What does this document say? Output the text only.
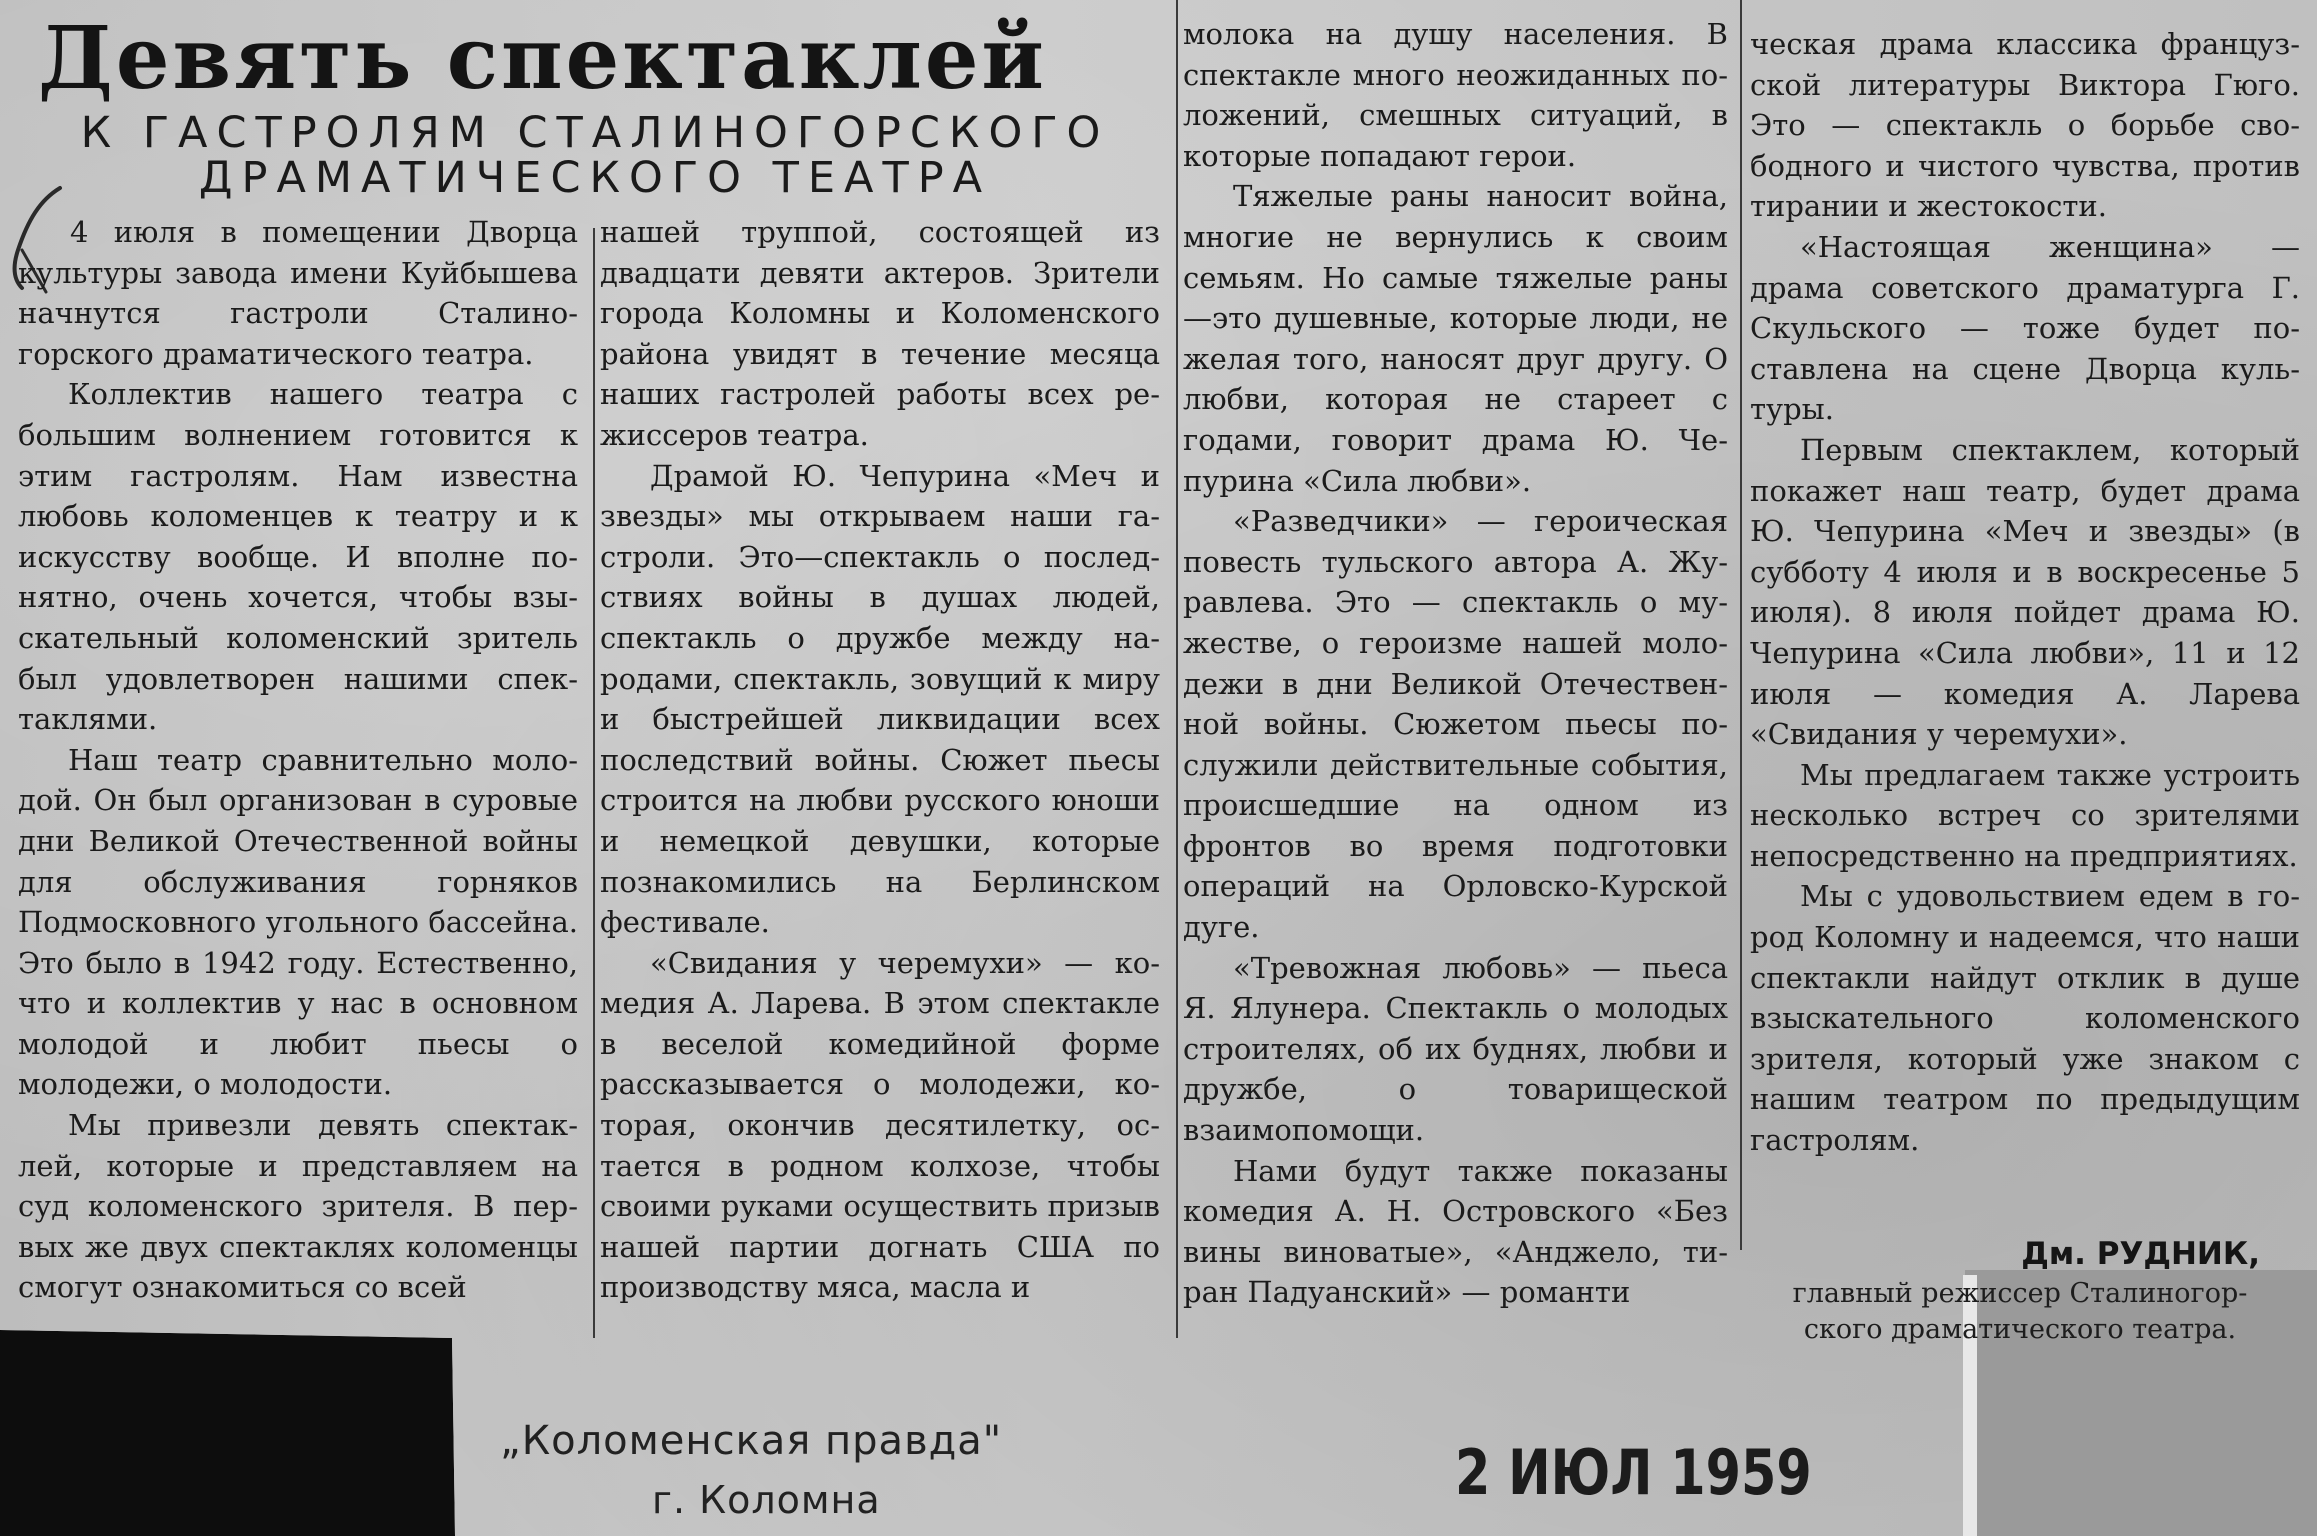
Девять спектаклей
К ГАСТРОЛЯМ СТАЛИНОГОРСКОГО
ДРАМАТИЧЕСКОГО ТЕАТРА

4 июля в помещении Дворца культуры завода имени Куйбышева начнутся гастроли Сталиногорского драматического театра.

Коллектив нашего театра с большим волнением готовится к этим гастролям. Нам известна любовь коломенцев к театру и к искусству вообще. И вполне понятно, очень хочется, чтобы взыскательный коломенский зритель был удовлетворен нашими спектаклями.

Наш театр сравнительно молодой. Он был организован в суровые дни Великой Отечественной войны для обслуживания горняков Подмосковного угольного бассейна. Это было в 1942 году. Естественно, что и коллектив у нас в основном молодой и любит пьесы о молодежи, о молодости.

Мы привезли девять спектаклей, которые и представляем на суд коломенского зрителя. В первых же двух спектаклях коломенцы смогут ознакомиться со всей

нашей труппой, состоящей из двадцати девяти актеров. Зрители города Коломны и Коломенского района увидят в течение месяца наших гастролей работы всех режиссеров театра.

Драмой Ю. Чепурина «Меч и звезды» мы открываем наши гастроли. Это—спектакль о последствиях войны в душах людей, спектакль о дружбе между народами, спектакль, зовущий к миру и быстрейшей ликвидации всех последствий войны. Сюжет пьесы строится на любви русского юноши и немецкой девушки, которые познакомились на Берлинском фестивале.

«Свидания у черемухи» — комедия А. Ларева. В этом спектакле в веселой комедийной форме рассказывается о молодежи, которая, окончив десятилетку, остается в родном колхозе, чтобы своими руками осуществить призыв нашей партии догнать США по производству мяса, масла и

молока на душу населения. В спектакле много неожиданных положений, смешных ситуаций, в которые попадают герои.

Тяжелые раны наносит война, многие не вернулись к своим семьям. Но самые тяжелые раны —это душевные, которые люди, не желая того, наносят друг другу. О любви, которая не стареет с годами, говорит драма Ю. Чепурина «Сила любви».

«Разведчики» — героическая повесть тульского автора А. Журавлева. Это — спектакль о мужестве, о героизме нашей молодежи в дни Великой Отечественной войны. Сюжетом пьесы послужили действительные события, происшедшие на одном из фронтов во время подготовки операций на Орловско-Курской дуге.

«Тревожная любовь» — пьеса Я. Ялунера. Спектакль о молодых строителях, об их буднях, любви и дружбе, о товарищеской взаимопомощи.

Нами будут также показаны комедия А. Н. Островского «Без вины виноватые», «Анджело, тиран Падуанский» — романти

ческая драма классика французской литературы Виктора Гюго. Это — спектакль о борьбе свободного и чистого чувства, против тирании и жестокости.

«Настоящая женщина» — драма советского драматурга Г. Скульского — тоже будет поставлена на сцене Дворца культуры.

Первым спектаклем, который покажет наш театр, будет драма Ю. Чепурина «Меч и звезды» (в субботу 4 июля и в воскресенье 5 июля). 8 июля пойдет драма Ю. Чепурина «Сила любви», 11 и 12 июля — комедия А. Ларева «Свидания у черемухи».

Мы предлагаем также устроить несколько встреч со зрителями непосредственно на предприятиях.

Мы с удовольствием едем в город Коломну и надеемся, что наши спектакли найдут отклик в душе взыскательного коломенского зрителя, который уже знаком с нашим театром по предыдущим гастролям.

Дм. РУДНИК,
главный режиссер Сталиногорского драматического театра.
„Коломенская правда"
г. Коломна	2 ИЮЛ 1959
